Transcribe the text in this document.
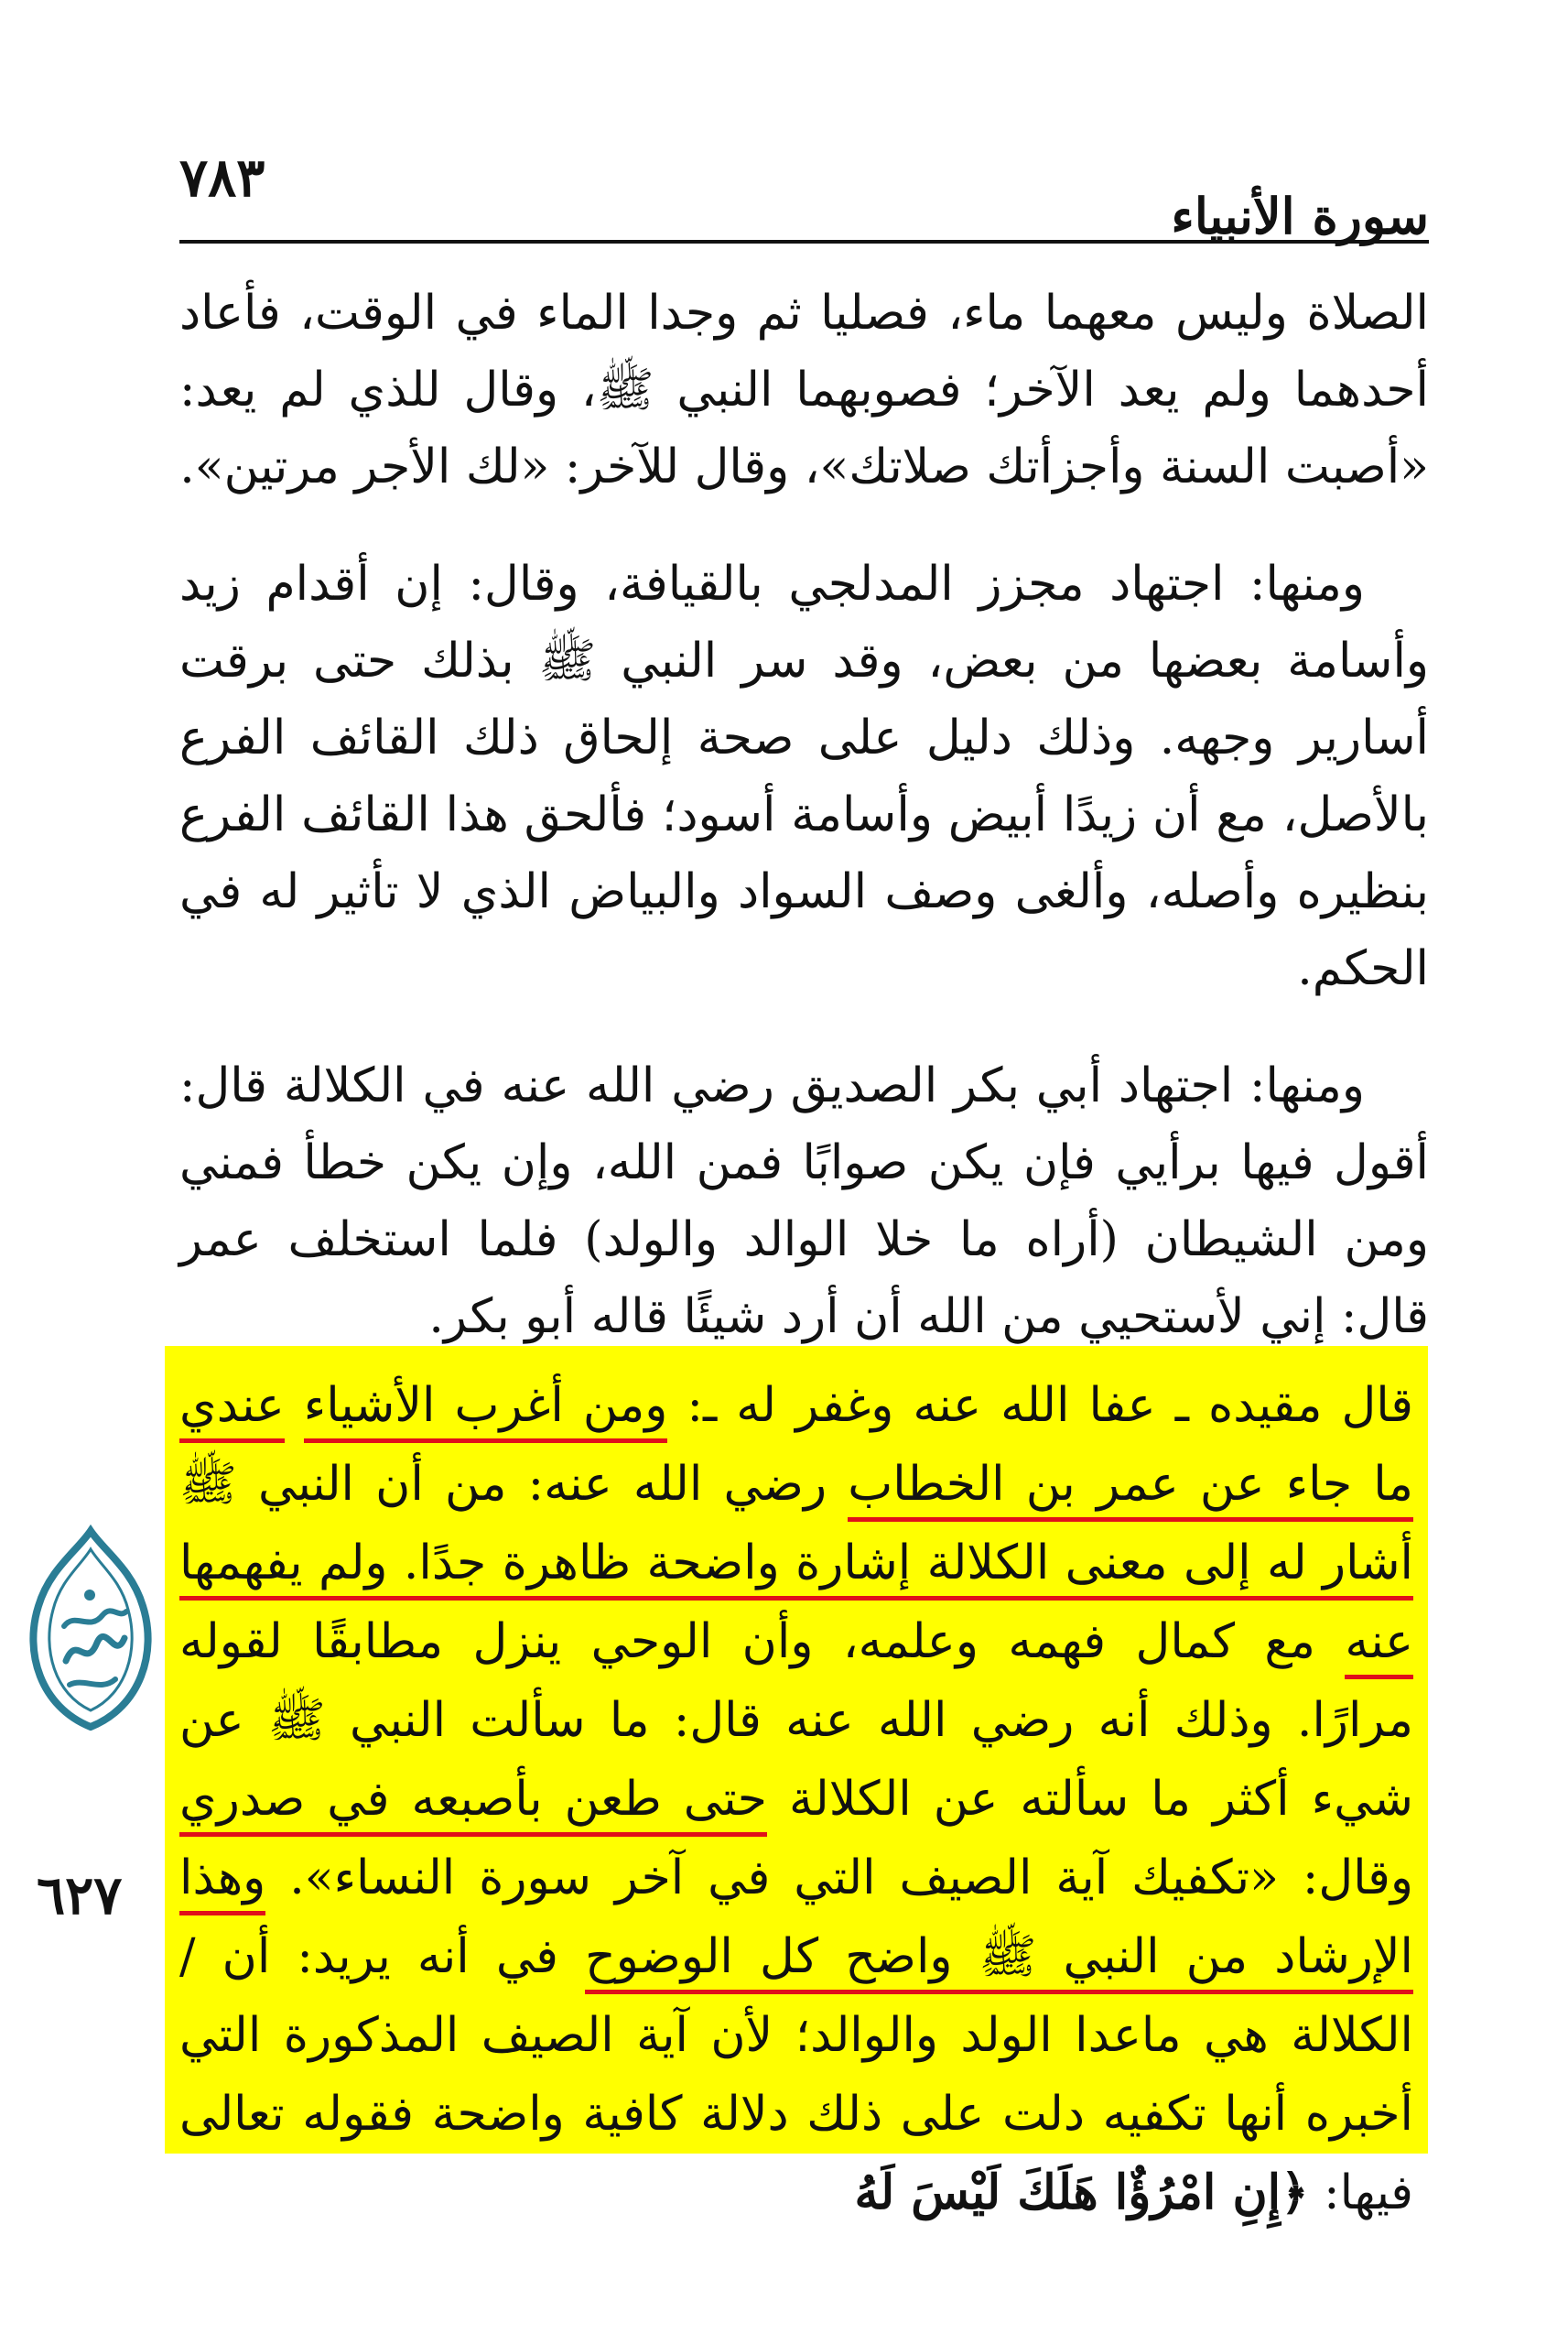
٧٨٣
سورة الأنبياء

الصلاة وليس معهما ماء، فصليا ثم وجدا الماء في الوقت، فأعاد أحدهما ولم يعد الآخر؛ فصوبهما النبي ﷺ، وقال للذي لم يعد: «أصبت السنة وأجزأتك صلاتك»، وقال للآخر: «لك الأجر مرتين».

ومنها: اجتهاد مجزز المدلجي بالقيافة، وقال: إن أقدام زيد وأسامة بعضها من بعض، وقد سر النبي ﷺ بذلك حتى برقت أسارير وجهه. وذلك دليل على صحة إلحاق ذلك القائف الفرع بالأصل، مع أن زيدًا أبيض وأسامة أسود؛ فألحق هذا القائف الفرع بنظيره وأصله، وألغى وصف السواد والبياض الذي لا تأثير له في الحكم.

ومنها: اجتهاد أبي بكر الصديق رضي الله عنه في الكلالة قال: أقول فيها برأيي فإن يكن صوابًا فمن الله، وإن يكن خطأ فمني ومن الشيطان (أراه ما خلا الوالد والولد) فلما استخلف عمر قال: إني لأستحيي من الله أن أرد شيئًا قاله أبو بكر.

قال مقيده ـ عفا الله عنه وغفر له ـ: ومن أغرب الأشياء عندي ما جاء عن عمر بن الخطاب رضي الله عنه: من أن النبي ﷺ أشار له إلى معنى الكلالة إشارة واضحة ظاهرة جدًا. ولم يفهمها عنه مع كمال فهمه وعلمه، وأن الوحي ينزل مطابقًا لقوله مرارًا. وذلك أنه رضي الله عنه قال: ما سألت النبي ﷺ عن شيء أكثر ما سألته عن الكلالة حتى طعن بأصبعه في صدري وقال: «تكفيك آية الصيف التي في آخر سورة النساء». وهذا الإرشاد من النبي ﷺ واضح كل الوضوح في أنه يريد: أن / الكلالة هي ماعدا الولد والوالد؛ لأن آية الصيف المذكورة التي أخبره أنها تكفيه دلت على ذلك دلالة كافية واضحة فقوله تعالى فيها: ﴿إِنِ امْرُؤٌا هَلَكَ لَيْسَ لَهُ

٦٢٧
